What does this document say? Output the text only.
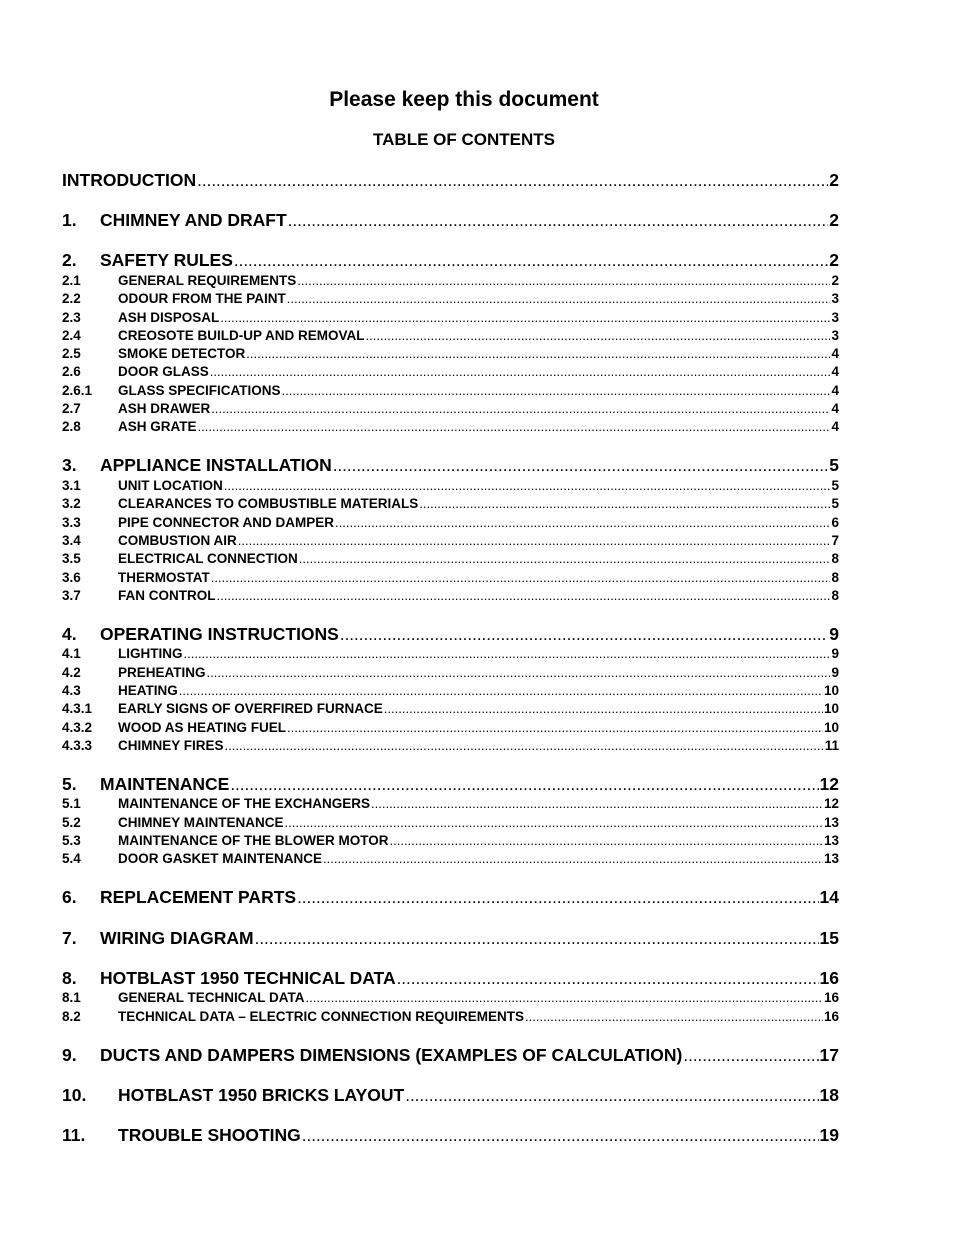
Please keep this document
TABLE OF CONTENTS
INTRODUCTION .....	2
1.	CHIMNEY AND DRAFT .....	2
2.	SAFETY RULES .....	2
2.1	GENERAL REQUIREMENTS .....	2
2.2	ODOUR FROM THE PAINT .....	3
2.3	ASH DISPOSAL .....	3
2.4	CREOSOTE BUILD-UP AND REMOVAL .....	3
2.5	SMOKE DETECTOR .....	4
2.6	DOOR GLASS .....	4
2.6.1	GLASS SPECIFICATIONS .....	4
2.7	ASH DRAWER .....	4
2.8	ASH GRATE .....	4
3.	APPLIANCE INSTALLATION .....	5
3.1	UNIT LOCATION .....	5
3.2	CLEARANCES TO COMBUSTIBLE MATERIALS .....	5
3.3	PIPE CONNECTOR AND DAMPER .....	6
3.4	COMBUSTION AIR .....	7
3.5	ELECTRICAL CONNECTION .....	8
3.6	THERMOSTAT .....	8
3.7	FAN CONTROL .....	8
4.	OPERATING INSTRUCTIONS .....	9
4.1	LIGHTING .....	9
4.2	PREHEATING .....	9
4.3	HEATING .....	10
4.3.1	EARLY SIGNS OF OVERFIRED FURNACE .....	10
4.3.2	WOOD AS HEATING FUEL .....	10
4.3.3	CHIMNEY FIRES .....	11
5.	MAINTENANCE .....	12
5.1	MAINTENANCE OF THE EXCHANGERS .....	12
5.2	CHIMNEY MAINTENANCE .....	13
5.3	MAINTENANCE OF THE BLOWER MOTOR .....	13
5.4	DOOR GASKET MAINTENANCE .....	13
6.	REPLACEMENT PARTS .....	14
7.	WIRING DIAGRAM .....	15
8.	HOTBLAST 1950 TECHNICAL DATA .....	16
8.1	GENERAL TECHNICAL DATA .....	16
8.2	TECHNICAL DATA – ELECTRIC CONNECTION REQUIREMENTS .....	16
9.	DUCTS AND DAMPERS DIMENSIONS (EXAMPLES OF CALCULATION) .....	17
10.	HOTBLAST 1950 BRICKS LAYOUT .....	18
11.	TROUBLE SHOOTING .....	19
